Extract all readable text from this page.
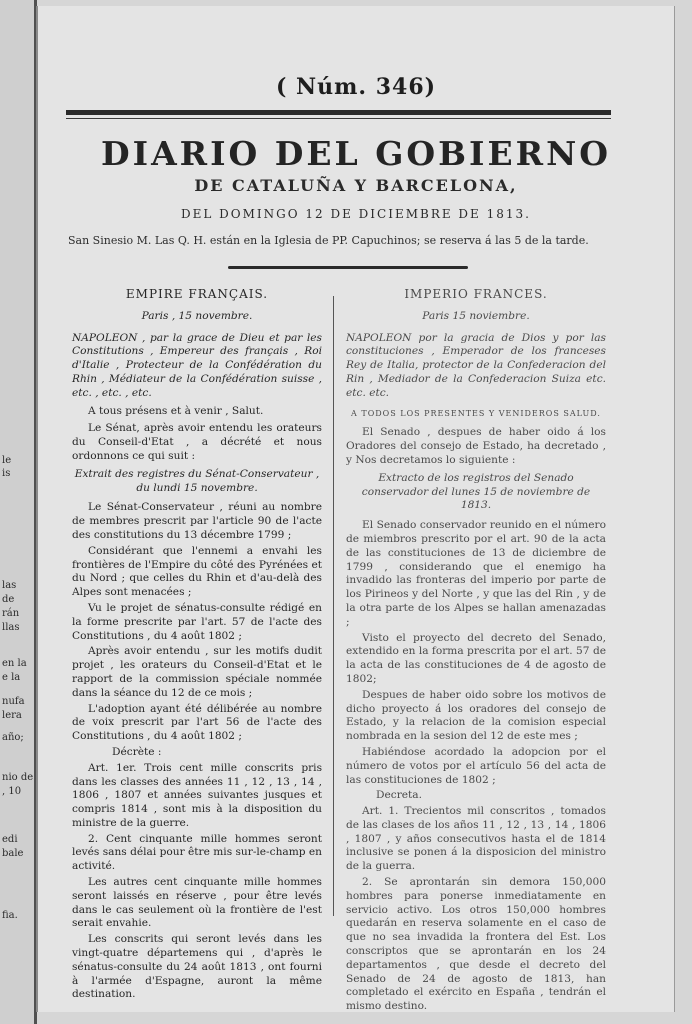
le
is
las
de
rán
llas
en la
e la
nufa
lera
año;
nio de
, 10
edi
bale
fia.
( Núm. 346)
DIARIO DEL GOBIERNO
DE CATALUÑA Y BARCELONA,
DEL DOMINGO 12 DE DICIEMBRE DE 1813.
San Sinesio M. Las Q. H. están en la Iglesia de PP. Capuchinos; se reserva á las 5 de la tarde.
EMPIRE FRANÇAIS.
Paris , 15 novembre.

NAPOLEON , par la grace de Dieu et par les Constitutions , Empereur des français , Roi d'Italie , Protecteur de la Confédération du Rhin , Médiateur de la Confédération suisse , etc. , etc. , etc.

A tous présens et à venir , Salut.

Le Sénat, après avoir entendu les orateurs du Conseil-d'Etat , a décrété et nous ordonnons ce qui suit :

Extrait des registres du Sénat-Conservateur , du lundi 15 novembre.

Le Sénat-Conservateur , réuni au nombre de membres prescrit par l'article 90 de l'acte des constitutions du 13 décembre 1799 ;

Considérant que l'ennemi a envahi les frontières de l'Empire du côté des Pyrénées et du Nord ; que celles du Rhin et d'au-delà des Alpes sont menacées ;

Vu le projet de sénatus-consulte rédigé en la forme prescrite par l'art. 57 de l'acte des Constitutions , du 4 août 1802 ;

Après avoir entendu , sur les motifs dudit projet , les orateurs du Conseil-d'Etat et le rapport de la commission spéciale nommée dans la séance du 12 de ce mois ;

L'adoption ayant été délibérée au nombre de voix prescrit par l'art 56 de l'acte des Constitutions , du 4 août 1802 ;

Décrète :

Art. 1er. Trois cent mille conscrits pris dans les classes des années 11 , 12 , 13 , 14 , 1806 , 1807 et années suivantes jusques et compris 1814 , sont mis à la disposition du ministre de la guerre.

2. Cent cinquante mille hommes seront levés sans délai pour être mis sur-le-champ en activité.

Les autres cent cinquante mille hommes seront laissés en réserve , pour être levés dans le cas seulement où la frontière de l'est serait envahie.

Les conscrits qui seront levés dans les vingt-quatre départemens qui , d'après le sénatus-consulte du 24 août 1813 , ont fourni à l'armée d'Espagne, auront la même destination.

IMPERIO FRANCES.
Paris 15 noviembre.

NAPOLEON por la gracia de Dios y por las constituciones , Emperador de los franceses Rey de Italia, protector de la Confederacion del Rin , Mediador de la Confederacion Suiza etc. etc. etc.

A TODOS LOS PRESENTES Y VENIDEROS SALUD.

El Senado , despues de haber oido á los Oradores del consejo de Estado, ha decretado , y Nos decretamos lo siguiente :

Extracto de los registros del Senado conservador del lunes 15 de noviembre de 1813.

El Senado conservador reunido en el número de miembros prescrito por el art. 90 de la acta de las constituciones de 13 de diciembre de 1799 , considerando que el enemigo ha invadido las fronteras del imperio por parte de los Pirineos y del Norte , y que las del Rin , y de la otra parte de los Alpes se hallan amenazadas ;

Visto el proyecto del decreto del Senado, extendido en la forma prescrita por el art. 57 de la acta de las constituciones de 4 de agosto de 1802;

Despues de haber oido sobre los motivos de dicho proyecto á los oradores del consejo de Estado, y la relacion de la comision especial nombrada en la sesion del 12 de este mes ;

Habiéndose acordado la adopcion por el número de votos por el artículo 56 del acta de las constituciones de 1802 ;

Decreta.

Art. 1. Trecientos mil conscritos , tomados de las clases de los años 11 , 12 , 13 , 14 , 1806 , 1807 , y años consecutivos hasta el de 1814 inclusive se ponen á la disposicion del ministro de la guerra.

2. Se aprontarán sin demora 150,000 hombres para ponerse inmediatamente en servicio activo. Los otros 150,000 hombres quedarán en reserva solamente en el caso de que no sea invadida la frontera del Est. Los conscriptos que se aprontarán en los 24 departamentos , que desde el decreto del Senado de 24 de agosto de 1813, han completado el exército en España , tendrán el mismo destino.
